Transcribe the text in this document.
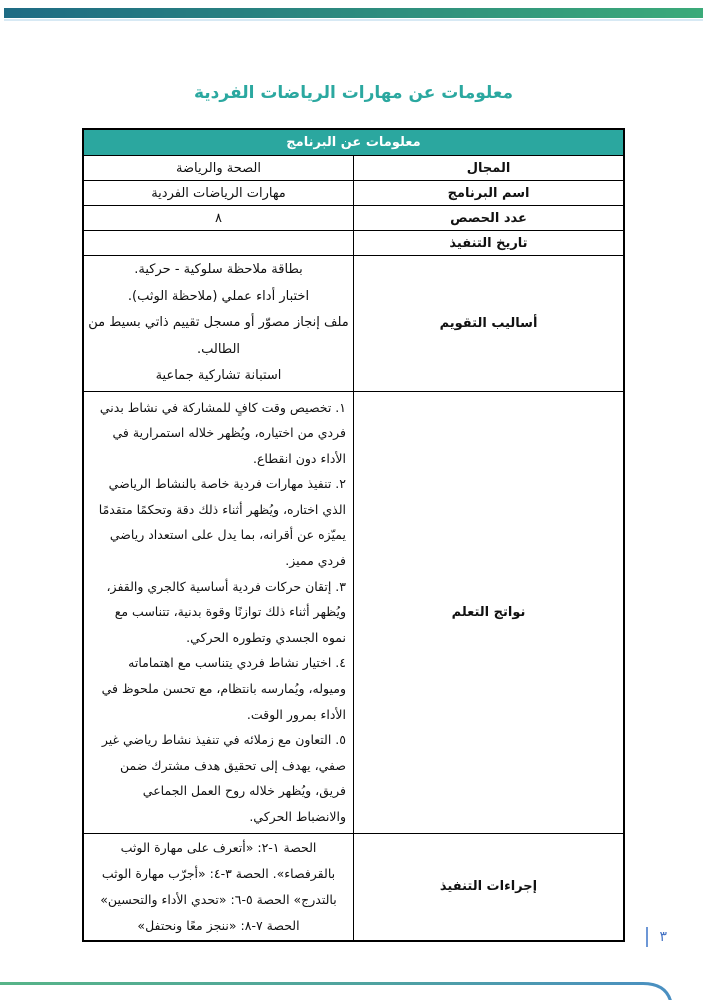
معلومات عن مهارات الرياضات الفردية
معلومات عن البرنامج	
المجال	الصحة والرياضة
اسم البرنامج	مهارات الرياضات الفردية
عدد الحصص	٨
تاريخ التنفيذ	
أساليب التقويم	بطاقة ملاحظة سلوكية - حركية.
اختبار أداء عملي (ملاحظة الوثب).
ملف إنجاز مصوّر أو مسجل تقييم ذاتي بسيط من الطالب.
استبانة تشاركية جماعية

نواتج التعلم	١. تخصيص وقت كافٍ للمشاركة في نشاط بدني فردي من اختياره، ويُظهر خلاله استمرارية في الأداء دون انقطاع.
٢. تنفيذ مهارات فردية خاصة بالنشاط الرياضي الذي اختاره، ويُظهر أثناء ذلك دقة وتحكمًا متقدمًا يميّزه عن أقرانه، بما يدل على استعداد رياضي فردي مميز.
٣. إتقان حركات فردية أساسية كالجري والقفز، ويُظهر أثناء ذلك توازنًا وقوة بدنية، تتناسب مع نموه الجسدي وتطوره الحركي.
٤. اختيار نشاط فردي يتناسب مع اهتماماته وميوله، ويُمارسه بانتظام، مع تحسن ملحوظ في الأداء بمرور الوقت.
٥. التعاون مع زملائه في تنفيذ نشاط رياضي غير صفي، يهدف إلى تحقيق هدف مشترك ضمن فريق، ويُظهر خلاله روح العمل الجماعي والانضباط الحركي.

إجراءات التنفيذ	الحصة ١-٢: «أتعرف على مهارة الوثب بالقرفصاء». الحصة ٣-٤: «أجرّب مهارة الوثب بالتدرج» الحصة ٥-٦: «تحدي الأداء والتحسين» الحصة ٧-٨: «ننجز معًا ونحتفل»
٣
